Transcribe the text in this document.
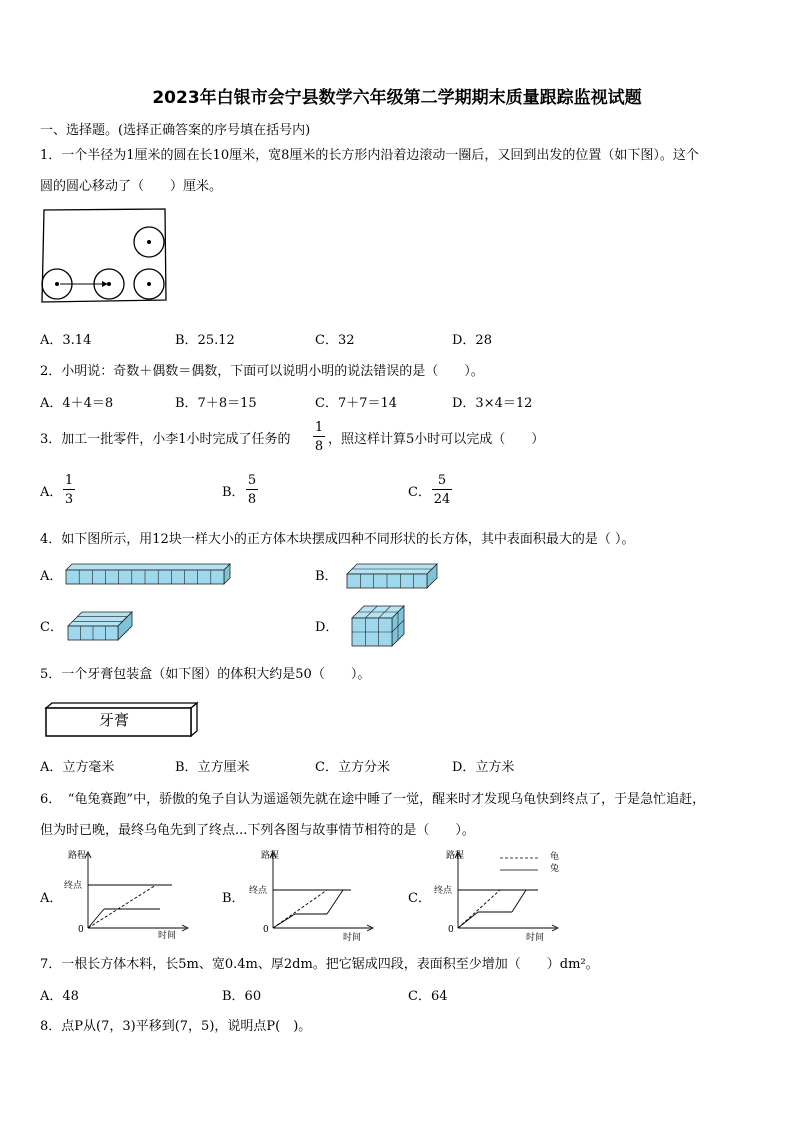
2023年白银市会宁县数学六年级第二学期期末质量跟踪监视试题
一、选择题。(选择正确答案的序号填在括号内)
1．一个半径为1厘米的圆在长10厘米，宽8厘米的长方形内沿着边滚动一圈后，又回到出发的位置（如下图）。这个
圆的圆心移动了（　　）厘米。
A．3.14	B．25.12	C．32	D．28
2．小明说：奇数＋偶数＝偶数，下面可以说明小明的说法错误的是（　　）。
A．4＋4＝8	B．7＋8＝15	C．7＋7＝14	D．3×4＝12
3．加工一批零件，小李1小时完成了任务的
1
8 ，照这样计算5小时可以完成（　　）
A．
1
3	B．
5
8	C．
5
24
4．如下图所示，用12块一样大小的正方体木块摆成四种不同形状的长方体，其中表面积最大的是（ ）。
A．	B．
C．	D．
5．一个牙膏包装盒（如下图）的体积大约是50（　　）。
牙膏
A．立方毫米	B．立方厘米	C．立方分米	D．立方米
6．　“龟兔赛跑”中，骄傲的兔子自认为遥遥领先就在途中睡了一觉，醒来时才发现乌龟快到终点了，于是急忙追赶，
但为时已晚，最终乌龟先到了终点...下列各图与故事情节相符的是（　　）。
A．	B．	C．
路程
终点
0
时间
路程
终点
0
时间
龟
兔
路程
终点
0
时间
7．一根长方体木料，长5m、宽0.4m、厚2dm。把它锯成四段，表面积至少增加（　　）dm²。
A．48	B．60	C．64
8．点P从(7，3)平移到(7，5)，说明点P(　)。
